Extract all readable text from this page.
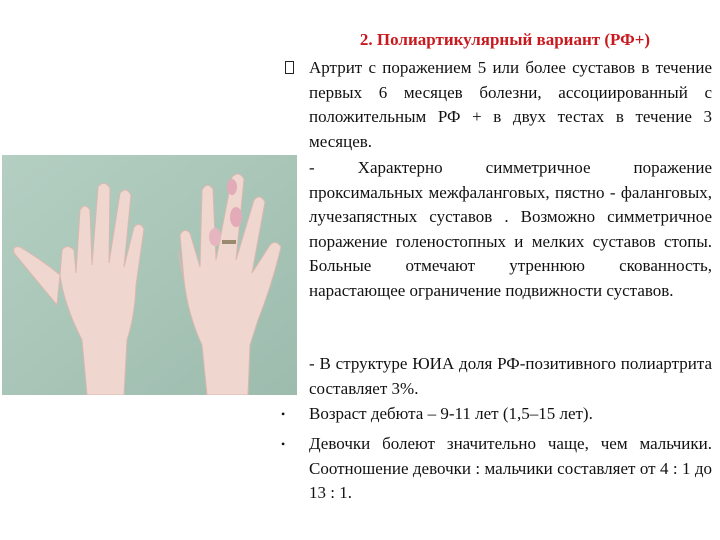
2. Полиартикулярный вариант (РФ+)
Артрит с поражением 5 или более суставов в течение первых 6 месяцев болезни, ассоциированный с положительным РФ + в двух тестах в течение 3 месяцев.
- Характерно симметричное поражение проксимальных межфаланговых, пястно - фаланговых, лучезапястных суставов . Возможно симметричное поражение голеностопных и мелких суставов стопы. Больные отмечают утреннюю скованность, нарастающее ограничение подвижности суставов.
- В структуре ЮИА доля РФ-позитивного полиартрита составляет 3%.
•	Возраст дебюта – 9-11 лет (1,5–15 лет).
•	Девочки болеют значительно чаще, чем мальчики. Соотношение девочки : мальчики составляет от 4 : 1 до 13 : 1.
